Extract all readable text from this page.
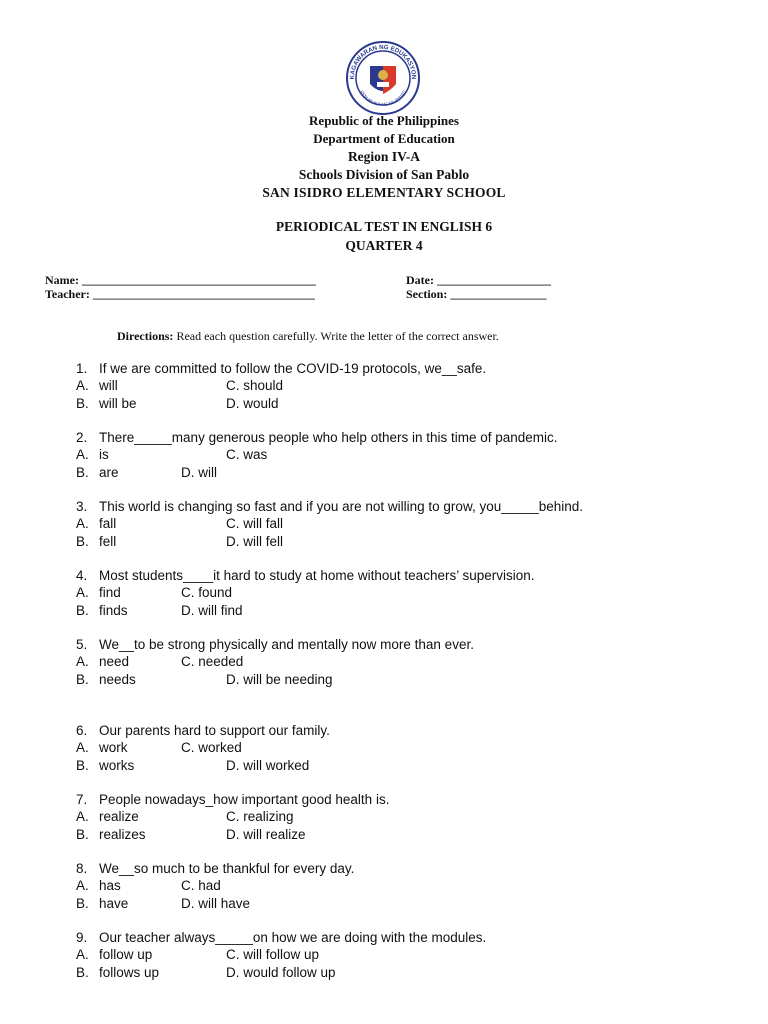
KAGAWARAN NG EDUKASYON
REPUBLIKA NG PILIPINAS
Republic of the Philippines
Department of Education
Region IV-A
Schools Division of San Pablo
SAN ISIDRO ELEMENTARY SCHOOL
PERIODICAL TEST IN ENGLISH 6
QUARTER 4
Name: _______________________________________	Date: ___________________
Teacher: _____________________________________	Section: ________________
Directions: Read each question carefully. Write the letter of the correct answer.
1. If we are committed to follow the COVID-19 protocols, we__safe.
A. will	C. should
B. will be	D. would
2. There_____many generous people who help others in this time of pandemic.
A. is	C. was
B. are	D. will
3. This world is changing so fast and if you are not willing to grow, you_____behind.
A. fall	C. will fall
B. fell	D. will fell
4. Most students____it hard to study at home without teachers’ supervision.
A. find	C. found
B. finds	D. will find
5. We__to be strong physically and mentally now more than ever.
A. need	C. needed
B. needs	D. will be needing
6. Our parents hard to support our family.
A. work	C. worked
B. works	D. will worked
7. People nowadays_how important good health is.
A. realize	C. realizing
B. realizes	D. will realize
8. We__so much to be thankful for every day.
A. has	C. had
B. have	D. will have
9. Our teacher always_____on how we are doing with the modules.
A. follow up	C. will follow up
B. follows up	D. would follow up
